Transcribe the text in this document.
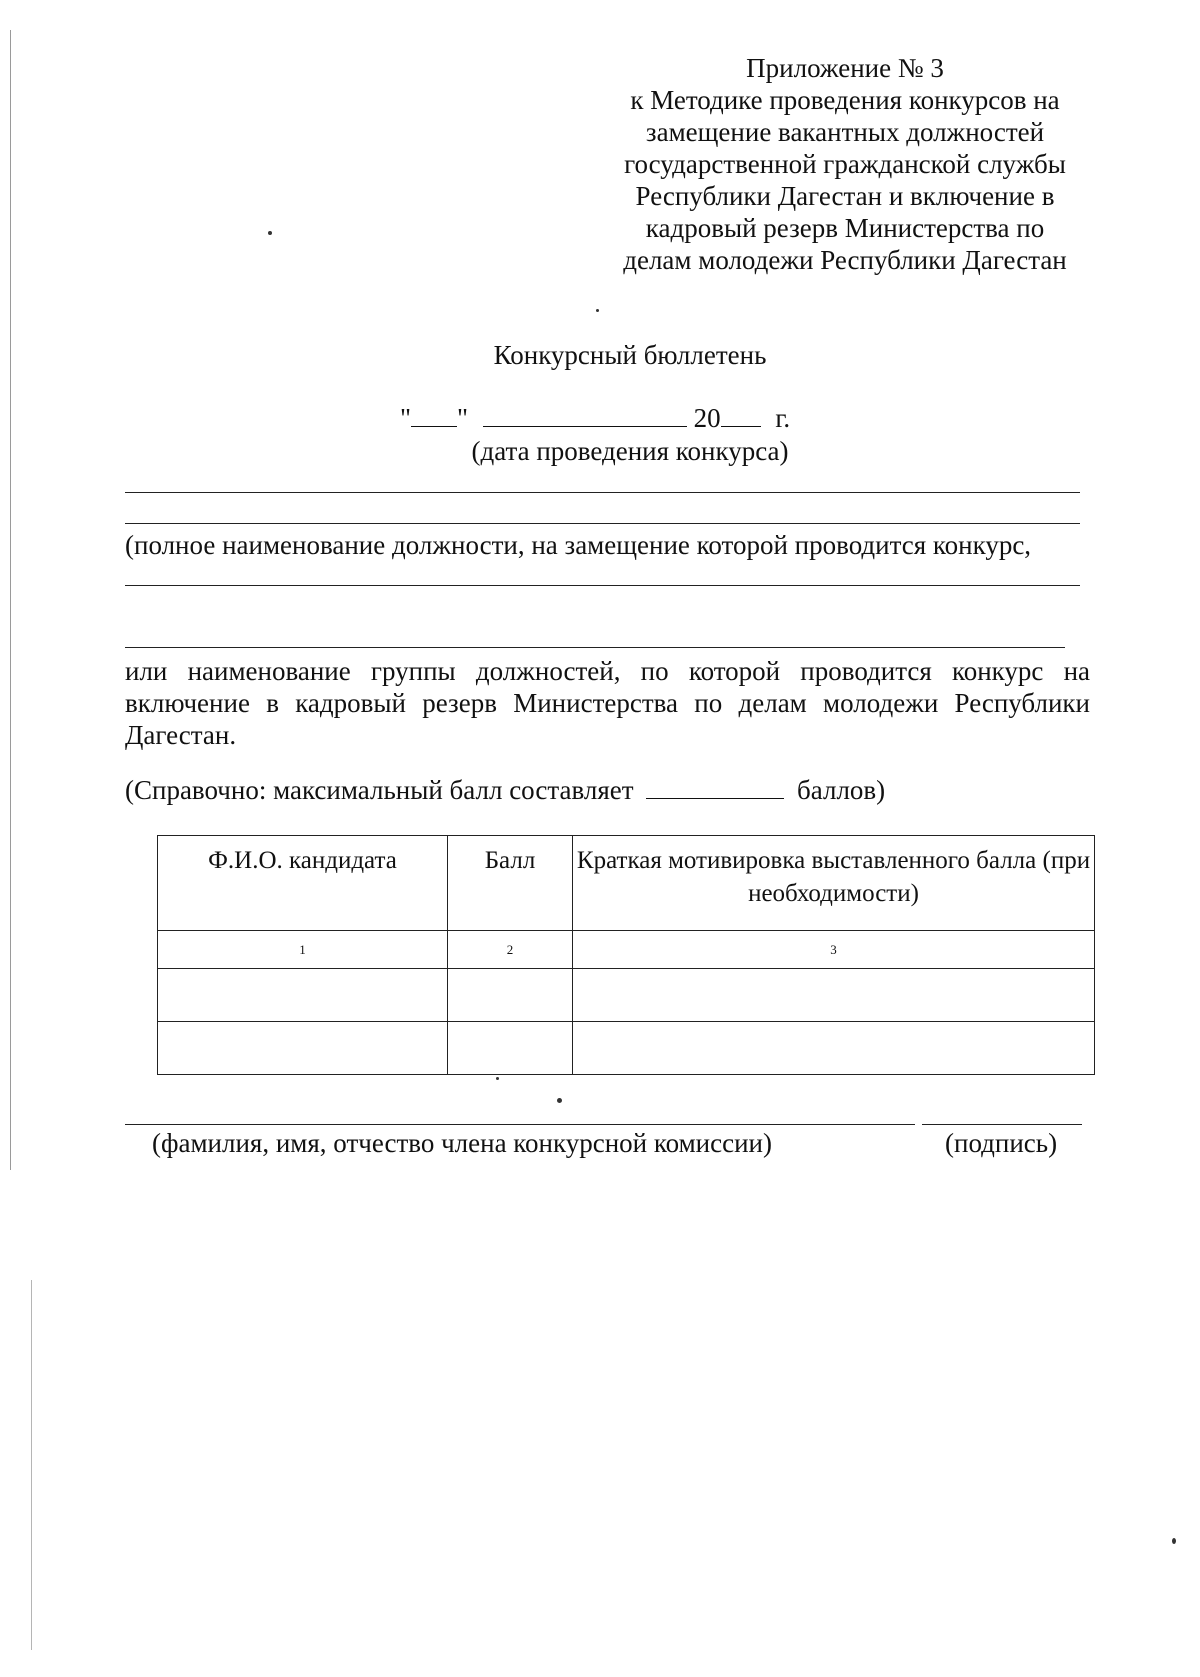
Приложение № 3
к Методике проведения конкурсов на
замещение вакантных должностей
государственной гражданской службы
Республики Дагестан и включение в
кадровый резерв Министерства по
делам молодежи Республики Дагестан
Конкурсный бюллетень
" "	20 г.
(дата проведения конкурса)
(полное наименование должности, на замещение которой проводится конкурс,
или наименование группы должностей, по которой проводится конкурс на
включение в кадровый резерв Министерства по делам молодежи Республики
Дагестан.
(Справочно: максимальный балл составляет	баллов)
Ф.И.О. кандидата	Балл	Краткая мотивировка выставленного балла (при необходимости)
1	2	3

(фамилия, имя, отчество члена конкурсной комиссии)	(подпись)
